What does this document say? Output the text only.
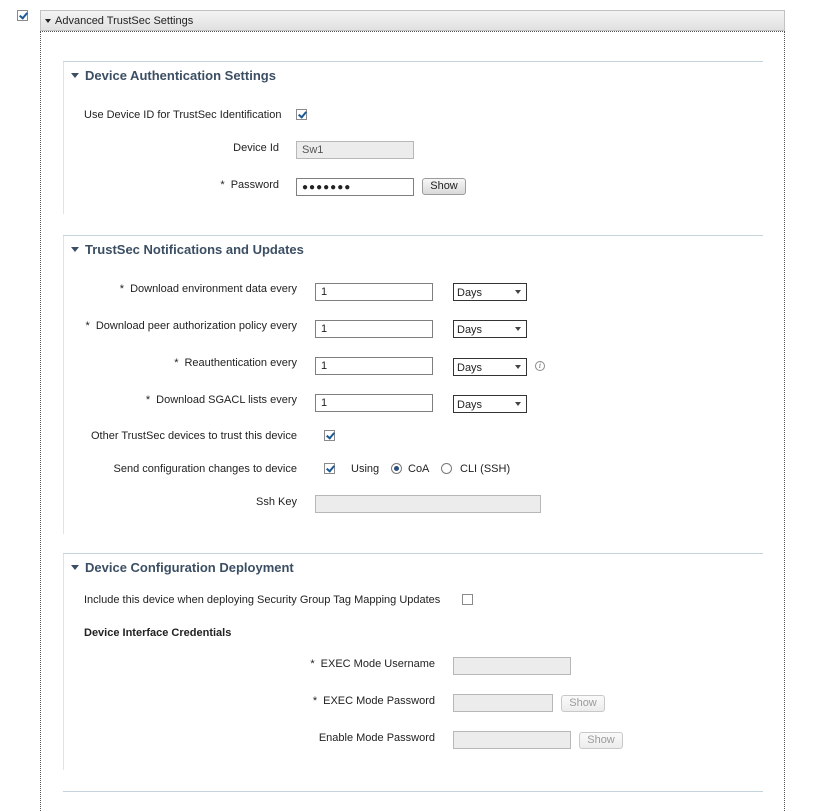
Advanced TrustSec Settings
Device Authentication Settings
Use Device ID for TrustSec Identification
Device Id	Sw1
* Password	●●●●●●●	Show
TrustSec Notifications and Updates
* Download environment data every	1	Days
* Download peer authorization policy every	1	Days
* Reauthentication every	1	Days	i
* Download SGACL lists every	1	Days
Other TrustSec devices to trust this device
Send configuration changes to device	Using	CoA	CLI (SSH)
Ssh Key
Device Configuration Deployment
Include this device when deploying Security Group Tag Mapping Updates
Device Interface Credentials
* EXEC Mode Username
* EXEC Mode Password	Show
Enable Mode Password	Show
